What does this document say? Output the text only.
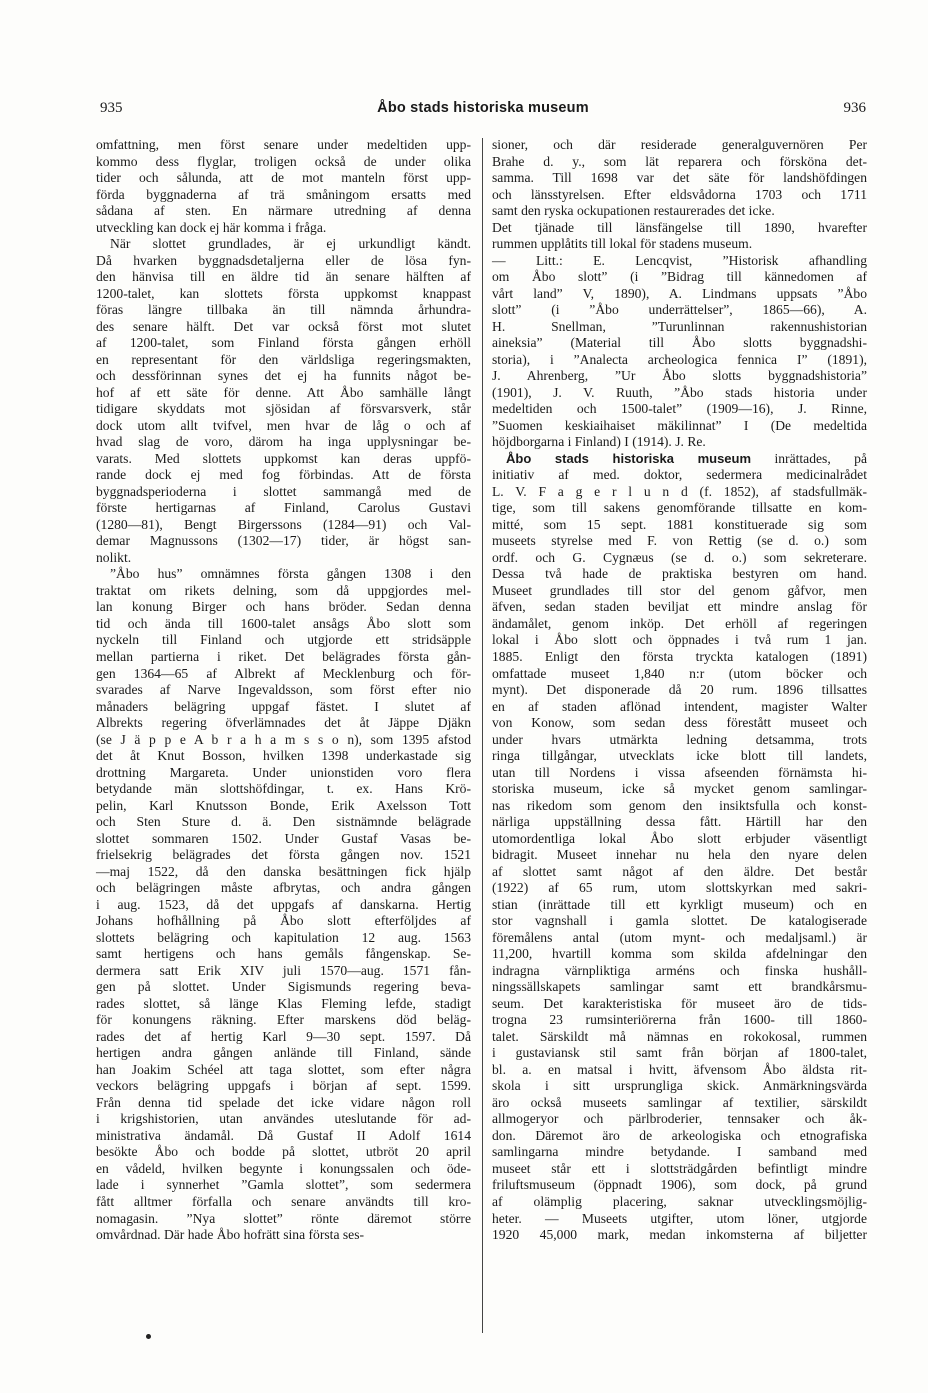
935	Åbo stads historiska museum	936
omfattning, men först senare under medeltiden upp-
kommo dess flyglar, troligen också de under olika
tider och sålunda, att de mot manteln först upp-
förda byggnaderna af trä småningom ersatts med
sådana af sten. En närmare utredning af denna
utveckling kan dock ej här komma i fråga.
När slottet grundlades, är ej urkundligt kändt.
Då hvarken byggnadsdetaljerna eller de lösa fyn-
den hänvisa till en äldre tid än senare hälften af
1200-talet, kan slottets första uppkomst knappast
föras längre tillbaka än till nämnda århundra-
des senare hälft. Det var också först mot slutet
af 1200-talet, som Finland första gången erhöll
en representant för den världsliga regeringsmakten,
och dessförinnan synes det ej ha funnits något be-
hof af ett säte för denne. Att Åbo samhälle långt
tidigare skyddats mot sjösidan af försvarsverk, står
dock utom allt tvifvel, men hvar de låg o och af
hvad slag de voro, därom ha inga upplysningar be-
varats. Med slottets uppkomst kan deras uppfö-
rande dock ej med fog förbindas. Att de första
byggnadsperioderna i slottet sammangå med de
förste hertigarnas af Finland, Carolus Gustavi
(1280—81), Bengt Birgerssons (1284—91) och Val-
demar Magnussons (1302—17) tider, är högst san-
nolikt.
”Åbo hus” omnämnes första gången 1308 i den
traktat om rikets delning, som då uppgjordes mel-
lan konung Birger och hans bröder. Sedan denna
tid och ända till 1600-talet ansågs Åbo slott som
nyckeln till Finland och utgjorde ett stridsäpple
mellan partierna i riket. Det belägrades första gån-
gen 1364—65 af Albrekt af Mecklenburg och för-
svarades af Narve Ingevaldsson, som först efter nio
månaders belägring uppgaf fästet. I slutet af
Albrekts regering öfverlämnades det åt Jäppe Djäkn
(se J ä p p e A b r a h a m s s o n), som 1395 afstod
det åt Knut Bosson, hvilken 1398 underkastade sig
drottning Margareta. Under unionstiden voro flera
betydande män slottshöfdingar, t. ex. Hans Krö-
pelin, Karl Knutsson Bonde, Erik Axelsson Tott
och Sten Sture d. ä. Den sistnämnde belägrade
slottet sommaren 1502. Under Gustaf Vasas be-
frielsekrig belägrades det första gången nov. 1521
—maj 1522, då den danska besättningen fick hjälp
och belägringen måste afbrytas, och andra gången
i aug. 1523, då det uppgafs af danskarna. Hertig
Johans hofhållning på Åbo slott efterföljdes af
slottets belägring och kapitulation 12 aug. 1563
samt hertigens och hans gemåls fångenskap. Se-
dermera satt Erik XIV juli 1570—aug. 1571 fån-
gen på slottet. Under Sigismunds regering beva-
rades slottet, så länge Klas Fleming lefde, stadigt
för konungens räkning. Efter marskens död beläg-
rades det af hertig Karl 9—30 sept. 1597. Då
hertigen andra gången anlände till Finland, sände
han Joakim Schéel att taga slottet, som efter några
veckors belägring uppgafs i början af sept. 1599.
Från denna tid spelade det icke vidare någon roll
i krigshistorien, utan användes uteslutande för ad-
ministrativa ändamål. Då Gustaf II Adolf 1614
besökte Åbo och bodde på slottet, utbröt 20 april
en vådeld, hvilken begynte i konungssalen och öde-
lade i synnerhet ”Gamla slottet”, som sedermera
fått alltmer förfalla och senare användts till kro-
nomagasin. ”Nya slottet” rönte däremot större
omvårdnad. Där hade Åbo hofrätt sina första ses-
sioner, och där residerade generalguvernören Per
Brahe d. y., som lät reparera och försköna det-
samma. Till 1698 var det säte för landshöfdingen
och länsstyrelsen. Efter eldsvådorna 1703 och 1711
samt den ryska ockupationen restaurerades det icke.
Det tjänade till länsfängelse till 1890, hvarefter
rummen upplåtits till lokal för stadens museum.
— Litt.: E. Lencqvist, ”Historisk afhandling
om Åbo slott” (i ”Bidrag till kännedomen af
vårt land” V, 1890), A. Lindmans uppsats ”Åbo
slott” (i ”Åbo underrättelser”, 1865—66), A.
H. Snellman, ”Turunlinnan rakennushistorian
aineksia” (Material till Åbo slotts byggnadshi-
storia), i ”Analecta archeologica fennica I” (1891),
J. Ahrenberg, ”Ur Åbo slotts byggnadshistoria”
(1901), J. V. Ruuth, ”Åbo stads historia under
medeltiden och 1500-talet” (1909—16), J. Rinne,
”Suomen keskiaihaiset mäkilinnat” I (De medeltida
höjdborgarna i Finland) I (1914). J. Re.
Åbo stads historiska museum inrättades, på
initiativ af med. doktor, sedermera medicinalrådet
L. V. F a g e r l u n d (f. 1852), af stadsfullmäk-
tige, som till sakens genomförande tillsatte en kom-
mitté, som 15 sept. 1881 konstituerade sig som
museets styrelse med F. von Rettig (se d. o.) som
ordf. och G. Cygnæus (se d. o.) som sekreterare.
Dessa två hade de praktiska bestyren om hand.
Museet grundlades till stor del genom gåfvor, men
äfven, sedan staden beviljat ett mindre anslag för
ändamålet, genom inköp. Det erhöll af regeringen
lokal i Åbo slott och öppnades i två rum 1 jan.
1885. Enligt den första tryckta katalogen (1891)
omfattade museet 1,840 n:r (utom böcker och
mynt). Det disponerade då 20 rum. 1896 tillsattes
en af staden aflönad intendent, magister Walter
von Konow, som sedan dess förestått museet och
under hvars utmärkta ledning detsamma, trots
ringa tillgångar, utvecklats icke blott till landets,
utan till Nordens i vissa afseenden förnämsta hi-
storiska museum, icke så mycket genom samlingar-
nas rikedom som genom den insiktsfulla och konst-
närliga uppställning dessa fått. Härtill har den
utomordentliga lokal Åbo slott erbjuder väsentligt
bidragit. Museet innehar nu hela den nyare delen
af slottet samt något af den äldre. Det består
(1922) af 65 rum, utom slottskyrkan med sakri-
stian (inrättade till ett kyrkligt museum) och en
stor vagnshall i gamla slottet. De katalogiserade
föremålens antal (utom mynt- och medaljsaml.) är
11,200, hvartill komma som skilda afdelningar den
indragna värnpliktiga arméns och finska hushåll-
ningssällskapets samlingar samt ett brandkårsmu-
seum. Det karakteristiska för museet äro de tids-
trogna 23 rumsinteriörerna från 1600- till 1860-
talet. Särskildt må nämnas en rokokosal, rummen
i gustaviansk stil samt från början af 1800-talet,
bl. a. en matsal i hvitt, äfvensom Åbo äldsta rit-
skola i sitt ursprungliga skick. Anmärkningsvärda
äro också museets samlingar af textilier, särskildt
allmogeryor och pärlbroderier, tennsaker och åk-
don. Däremot äro de arkeologiska och etnografiska
samlingarna mindre betydande. I samband med
museet står ett i slottsträdgården befintligt mindre
friluftsmuseum (öppnadt 1906), som dock, på grund
af olämplig placering, saknar utvecklingsmöjlig-
heter. — Museets utgifter, utom löner, utgjorde
1920 45,000 mark, medan inkomsterna af biljetter
